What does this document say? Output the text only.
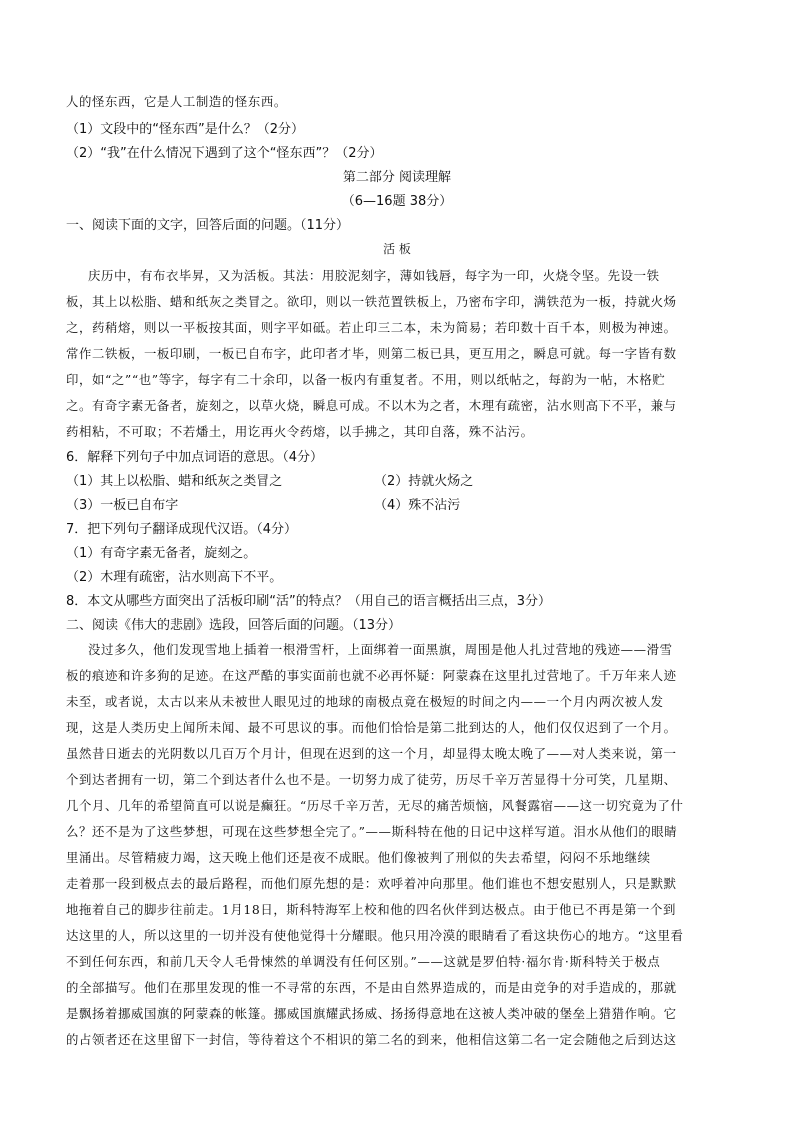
人的怪东西，它是人工制造的怪东西。
（1）文段中的“怪东西”是什么？（2分）
（2）“我”在什么情况下遇到了这个“怪东西”？（2分）
第二部分 阅读理解
（6—16题 38分）
一、阅读下面的文字，回答后面的问题。（11分）
活 板
庆历中，有布衣毕昇，又为活板。其法：用胶泥刻字，薄如钱唇，每字为一印，火烧令坚。先设一铁
板，其上以松脂、蜡和纸灰之类冒之。欲印，则以一铁范置铁板上，乃密布字印，满铁范为一板，持就火炀
之，药稍熔，则以一平板按其面，则字平如砥。若止印三二本，未为简易；若印数十百千本，则极为神速。
常作二铁板，一板印刷，一板已自布字，此印者才毕，则第二板已具，更互用之，瞬息可就。每一字皆有数
印，如“之”“也”等字，每字有二十余印，以备一板内有重复者。不用，则以纸帖之，每韵为一帖，木格贮
之。有奇字素无备者，旋刻之，以草火烧，瞬息可成。不以木为之者，木理有疏密，沾水则高下不平，兼与
药相粘，不可取；不若燔土，用讫再火令药熔，以手拂之，其印自落，殊不沾污。
6．解释下列句子中加点词语的意思。（4分）
（1）其上以松脂、蜡和纸灰之类冒之	（2）持就火炀之
（3）一板已自布字	（4）殊不沾污
7．把下列句子翻译成现代汉语。（4分）
（1）有奇字素无备者，旋刻之。
（2）木理有疏密，沾水则高下不平。
8．本文从哪些方面突出了活板印刷“活”的特点？（用自己的语言概括出三点，3分）
二、阅读《伟大的悲剧》选段，回答后面的问题。（13分）
没过多久，他们发现雪地上插着一根滑雪杆，上面绑着一面黑旗，周围是他人扎过营地的残迹——滑雪
板的痕迹和许多狗的足迹。在这严酷的事实面前也就不必再怀疑：阿蒙森在这里扎过营地了。千万年来人迹
未至，或者说，太古以来从未被世人眼见过的地球的南极点竟在极短的时间之内——一个月内两次被人发
现，这是人类历史上闻所未闻、最不可思议的事。而他们恰恰是第二批到达的人，他们仅仅迟到了一个月。
虽然昔日逝去的光阴数以几百万个月计，但现在迟到的这一个月，却显得太晚太晚了——对人类来说，第一
个到达者拥有一切，第二个到达者什么也不是。一切努力成了徒劳，历尽千辛万苦显得十分可笑，几星期、
几个月、几年的希望简直可以说是癫狂。“历尽千辛万苦，无尽的痛苦烦恼，风餐露宿——这一切究竟为了什
么？还不是为了这些梦想，可现在这些梦想全完了。”——斯科特在他的日记中这样写道。泪水从他们的眼睛
里涌出。尽管精疲力竭，这天晚上他们还是夜不成眠。他们像被判了刑似的失去希望，闷闷不乐地继续
走着那一段到极点去的最后路程，而他们原先想的是：欢呼着冲向那里。他们谁也不想安慰别人，只是默默
地拖着自己的脚步往前走。1月18日，斯科特海军上校和他的四名伙伴到达极点。由于他已不再是第一个到
达这里的人，所以这里的一切并没有使他觉得十分耀眼。他只用冷漠的眼睛看了看这块伤心的地方。“这里看
不到任何东西，和前几天令人毛骨悚然的单调没有任何区别。”——这就是罗伯特·福尔肯·斯科特关于极点
的全部描写。他们在那里发现的惟一不寻常的东西，不是由自然界造成的，而是由竞争的对手造成的，那就
是飘扬着挪威国旗的阿蒙森的帐篷。挪威国旗耀武扬威、扬扬得意地在这被人类冲破的堡垒上猎猎作响。它
的占领者还在这里留下一封信，等待着这个不相识的第二名的到来，他相信这第二名一定会随他之后到达这
